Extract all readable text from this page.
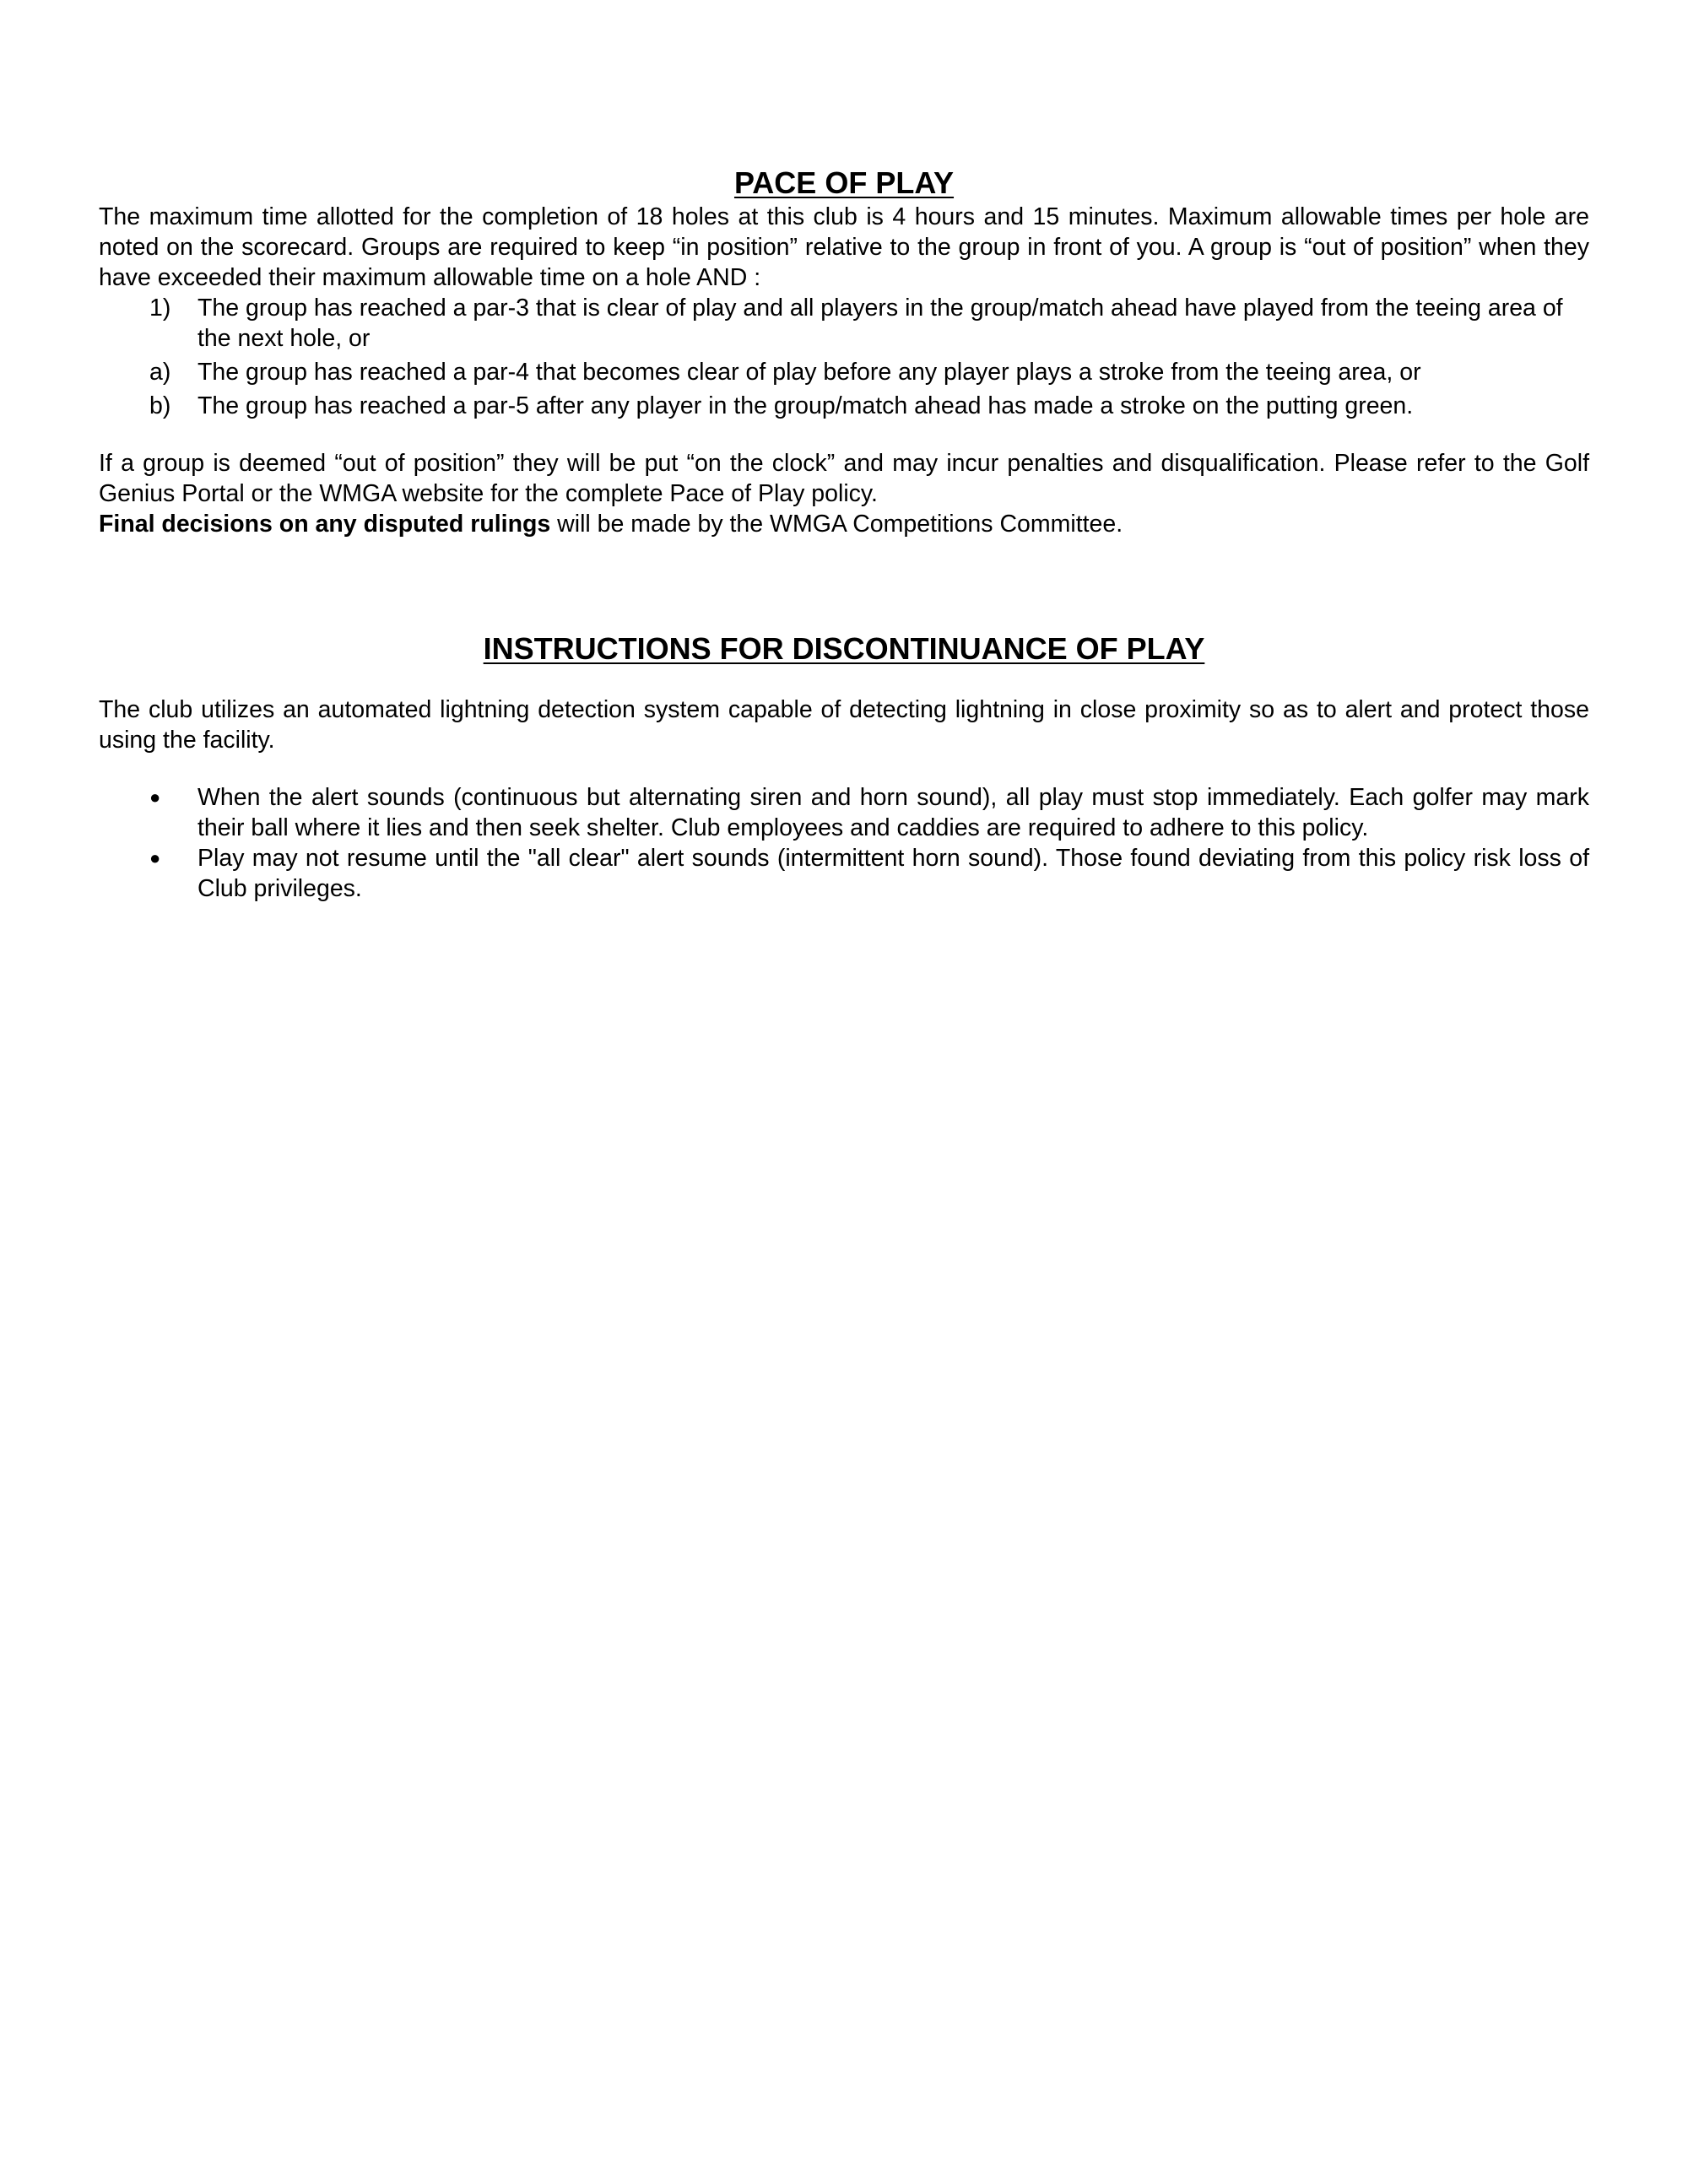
PACE OF PLAY

The maximum time allotted for the completion of 18 holes at this club is 4 hours and 15 minutes. Maximum allowable times per hole are noted on the scorecard. Groups are required to keep “in position” relative to the group in front of you. A group is “out of position” when they have exceeded their maximum allowable time on a hole AND :

1) The group has reached a par-3 that is clear of play and all players in the group/match ahead have played from the teeing area of the next hole, or
a) The group has reached a par-4 that becomes clear of play before any player plays a stroke from the teeing area, or
b) The group has reached a par-5 after any player in the group/match ahead has made a stroke on the putting green.

If a group is deemed “out of position” they will be put “on the clock” and may incur penalties and disqualification. Please refer to the Golf Genius Portal or the WMGA website for the complete Pace of Play policy.

Final decisions on any disputed rulings will be made by the WMGA Competitions Committee.

INSTRUCTIONS FOR DISCONTINUANCE OF PLAY

The club utilizes an automated lightning detection system capable of detecting lightning in close proximity so as to alert and protect those using the facility.

● When the alert sounds (continuous but alternating siren and horn sound), all play must stop immediately. Each golfer may mark their ball where it lies and then seek shelter. Club employees and caddies are required to adhere to this policy.
● Play may not resume until the "all clear" alert sounds (intermittent horn sound). Those found deviating from this policy risk loss of Club privileges.
